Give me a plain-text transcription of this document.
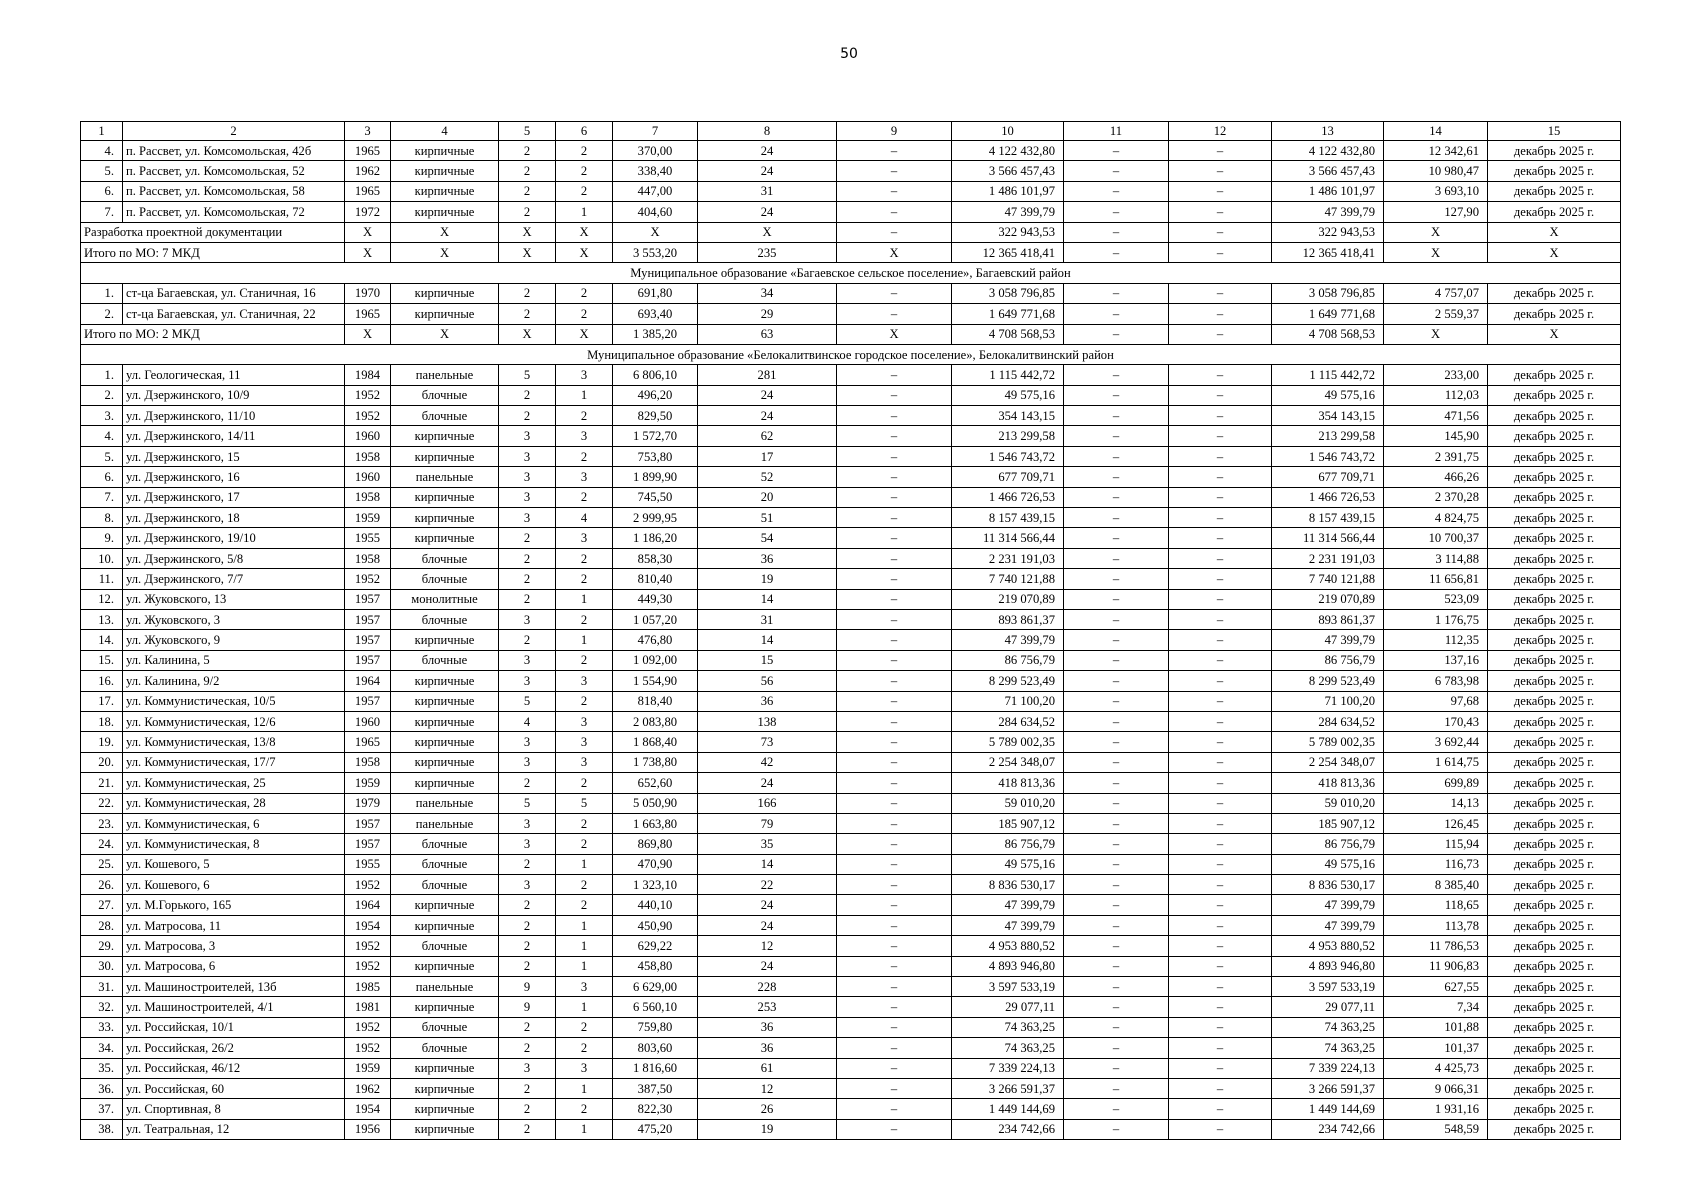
50
1	2	3	4	5	6	7	8	9	10	11	12	13	14	15
4.	п. Рассвет, ул. Комсомольская, 42б	1965	кирпичные	2	2	370,00	24	–	4 122 432,80	–	–	4 122 432,80	12 342,61	декабрь 2025 г.
5.	п. Рассвет, ул. Комсомольская, 52	1962	кирпичные	2	2	338,40	24	–	3 566 457,43	–	–	3 566 457,43	10 980,47	декабрь 2025 г.
6.	п. Рассвет, ул. Комсомольская, 58	1965	кирпичные	2	2	447,00	31	–	1 486 101,97	–	–	1 486 101,97	3 693,10	декабрь 2025 г.
7.	п. Рассвет, ул. Комсомольская, 72	1972	кирпичные	2	1	404,60	24	–	47 399,79	–	–	47 399,79	127,90	декабрь 2025 г.
Разработка проектной документации		X	X	X	X	X	X	–	322 943,53	–	–	322 943,53	X	X
Итого по МО: 7 МКД		X	X	X	X	3 553,20	235	X	12 365 418,41	–	–	12 365 418,41	X	X
Муниципальное образование «Багаевское сельское поселение», Багаевский район														
1.	ст-ца Багаевская, ул. Станичная, 16	1970	кирпичные	2	2	691,80	34	–	3 058 796,85	–	–	3 058 796,85	4 757,07	декабрь 2025 г.
2.	ст-ца Багаевская, ул. Станичная, 22	1965	кирпичные	2	2	693,40	29	–	1 649 771,68	–	–	1 649 771,68	2 559,37	декабрь 2025 г.
Итого по МО: 2 МКД		X	X	X	X	1 385,20	63	X	4 708 568,53	–	–	4 708 568,53	X	X
Муниципальное образование «Белокалитвинское городское поселение», Белокалитвинский район														
1.	ул. Геологическая, 11	1984	панельные	5	3	6 806,10	281	–	1 115 442,72	–	–	1 115 442,72	233,00	декабрь 2025 г.
2.	ул. Дзержинского, 10/9	1952	блочные	2	1	496,20	24	–	49 575,16	–	–	49 575,16	112,03	декабрь 2025 г.
3.	ул. Дзержинского, 11/10	1952	блочные	2	2	829,50	24	–	354 143,15	–	–	354 143,15	471,56	декабрь 2025 г.
4.	ул. Дзержинского, 14/11	1960	кирпичные	3	3	1 572,70	62	–	213 299,58	–	–	213 299,58	145,90	декабрь 2025 г.
5.	ул. Дзержинского, 15	1958	кирпичные	3	2	753,80	17	–	1 546 743,72	–	–	1 546 743,72	2 391,75	декабрь 2025 г.
6.	ул. Дзержинского, 16	1960	панельные	3	3	1 899,90	52	–	677 709,71	–	–	677 709,71	466,26	декабрь 2025 г.
7.	ул. Дзержинского, 17	1958	кирпичные	3	2	745,50	20	–	1 466 726,53	–	–	1 466 726,53	2 370,28	декабрь 2025 г.
8.	ул. Дзержинского, 18	1959	кирпичные	3	4	2 999,95	51	–	8 157 439,15	–	–	8 157 439,15	4 824,75	декабрь 2025 г.
9.	ул. Дзержинского, 19/10	1955	кирпичные	2	3	1 186,20	54	–	11 314 566,44	–	–	11 314 566,44	10 700,37	декабрь 2025 г.
10.	ул. Дзержинского, 5/8	1958	блочные	2	2	858,30	36	–	2 231 191,03	–	–	2 231 191,03	3 114,88	декабрь 2025 г.
11.	ул. Дзержинского, 7/7	1952	блочные	2	2	810,40	19	–	7 740 121,88	–	–	7 740 121,88	11 656,81	декабрь 2025 г.
12.	ул. Жуковского, 13	1957	монолитные	2	1	449,30	14	–	219 070,89	–	–	219 070,89	523,09	декабрь 2025 г.
13.	ул. Жуковского, 3	1957	блочные	3	2	1 057,20	31	–	893 861,37	–	–	893 861,37	1 176,75	декабрь 2025 г.
14.	ул. Жуковского, 9	1957	кирпичные	2	1	476,80	14	–	47 399,79	–	–	47 399,79	112,35	декабрь 2025 г.
15.	ул. Калинина, 5	1957	блочные	3	2	1 092,00	15	–	86 756,79	–	–	86 756,79	137,16	декабрь 2025 г.
16.	ул. Калинина, 9/2	1964	кирпичные	3	3	1 554,90	56	–	8 299 523,49	–	–	8 299 523,49	6 783,98	декабрь 2025 г.
17.	ул. Коммунистическая, 10/5	1957	кирпичные	5	2	818,40	36	–	71 100,20	–	–	71 100,20	97,68	декабрь 2025 г.
18.	ул. Коммунистическая, 12/6	1960	кирпичные	4	3	2 083,80	138	–	284 634,52	–	–	284 634,52	170,43	декабрь 2025 г.
19.	ул. Коммунистическая, 13/8	1965	кирпичные	3	3	1 868,40	73	–	5 789 002,35	–	–	5 789 002,35	3 692,44	декабрь 2025 г.
20.	ул. Коммунистическая, 17/7	1958	кирпичные	3	3	1 738,80	42	–	2 254 348,07	–	–	2 254 348,07	1 614,75	декабрь 2025 г.
21.	ул. Коммунистическая, 25	1959	кирпичные	2	2	652,60	24	–	418 813,36	–	–	418 813,36	699,89	декабрь 2025 г.
22.	ул. Коммунистическая, 28	1979	панельные	5	5	5 050,90	166	–	59 010,20	–	–	59 010,20	14,13	декабрь 2025 г.
23.	ул. Коммунистическая, 6	1957	панельные	3	2	1 663,80	79	–	185 907,12	–	–	185 907,12	126,45	декабрь 2025 г.
24.	ул. Коммунистическая, 8	1957	блочные	3	2	869,80	35	–	86 756,79	–	–	86 756,79	115,94	декабрь 2025 г.
25.	ул. Кошевого, 5	1955	блочные	2	1	470,90	14	–	49 575,16	–	–	49 575,16	116,73	декабрь 2025 г.
26.	ул. Кошевого, 6	1952	блочные	3	2	1 323,10	22	–	8 836 530,17	–	–	8 836 530,17	8 385,40	декабрь 2025 г.
27.	ул. М.Горького, 165	1964	кирпичные	2	2	440,10	24	–	47 399,79	–	–	47 399,79	118,65	декабрь 2025 г.
28.	ул. Матросова, 11	1954	кирпичные	2	1	450,90	24	–	47 399,79	–	–	47 399,79	113,78	декабрь 2025 г.
29.	ул. Матросова, 3	1952	блочные	2	1	629,22	12	–	4 953 880,52	–	–	4 953 880,52	11 786,53	декабрь 2025 г.
30.	ул. Матросова, 6	1952	кирпичные	2	1	458,80	24	–	4 893 946,80	–	–	4 893 946,80	11 906,83	декабрь 2025 г.
31.	ул. Машиностроителей, 13б	1985	панельные	9	3	6 629,00	228	–	3 597 533,19	–	–	3 597 533,19	627,55	декабрь 2025 г.
32.	ул. Машиностроителей, 4/1	1981	кирпичные	9	1	6 560,10	253	–	29 077,11	–	–	29 077,11	7,34	декабрь 2025 г.
33.	ул. Российская, 10/1	1952	блочные	2	2	759,80	36	–	74 363,25	–	–	74 363,25	101,88	декабрь 2025 г.
34.	ул. Российская, 26/2	1952	блочные	2	2	803,60	36	–	74 363,25	–	–	74 363,25	101,37	декабрь 2025 г.
35.	ул. Российская, 46/12	1959	кирпичные	3	3	1 816,60	61	–	7 339 224,13	–	–	7 339 224,13	4 425,73	декабрь 2025 г.
36.	ул. Российская, 60	1962	кирпичные	2	1	387,50	12	–	3 266 591,37	–	–	3 266 591,37	9 066,31	декабрь 2025 г.
37.	ул. Спортивная, 8	1954	кирпичные	2	2	822,30	26	–	1 449 144,69	–	–	1 449 144,69	1 931,16	декабрь 2025 г.
38.	ул. Театральная, 12	1956	кирпичные	2	1	475,20	19	–	234 742,66	–	–	234 742,66	548,59	декабрь 2025 г.
